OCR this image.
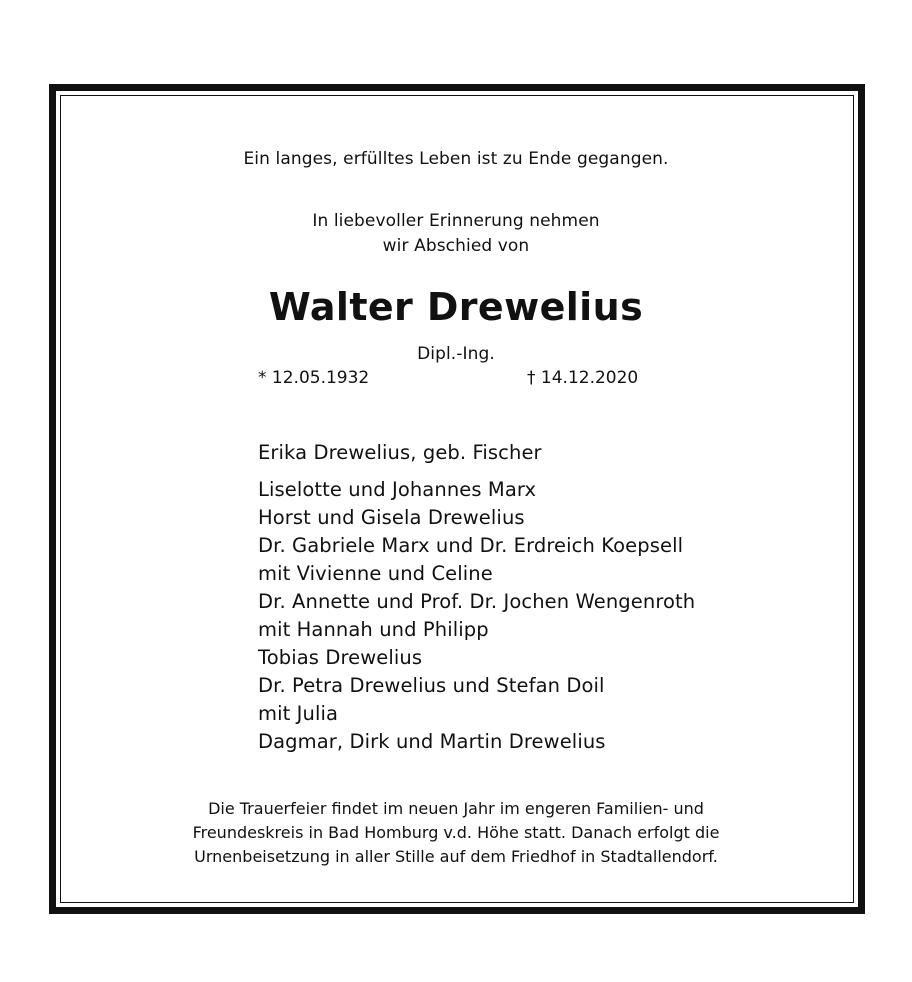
Ein langes, erfülltes Leben ist zu Ende gegangen.
In liebevoller Erinnerung nehmen
wir Abschied von
Walter Drewelius
Dipl.-Ing.
* 12.05.1932	† 14.12.2020
Erika Drewelius, geb. Fischer
Liselotte und Johannes Marx
Horst und Gisela Drewelius
Dr. Gabriele Marx und Dr. Erdreich Koepsell
mit Vivienne und Celine
Dr. Annette und Prof. Dr. Jochen Wengenroth
mit Hannah und Philipp
Tobias Drewelius
Dr. Petra Drewelius und Stefan Doil
mit Julia
Dagmar, Dirk und Martin Drewelius
Die Trauerfeier findet im neuen Jahr im engeren Familien- und
Freundeskreis in Bad Homburg v.d. Höhe statt. Danach erfolgt die
Urnenbeisetzung in aller Stille auf dem Friedhof in Stadtallendorf.
